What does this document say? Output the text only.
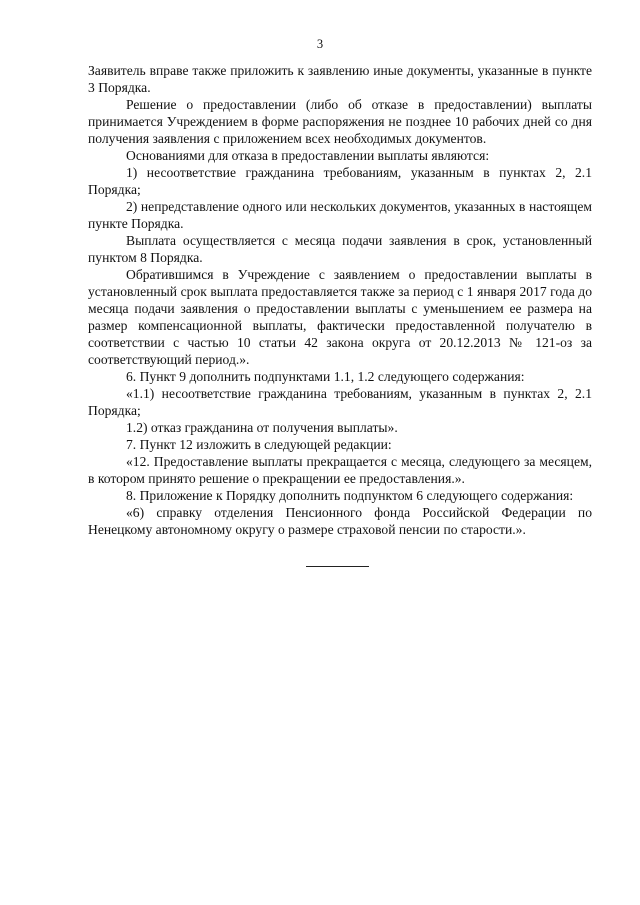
3

Заявитель вправе также приложить к заявлению иные документы, указанные в пункте 3 Порядка.

Решение о предоставлении (либо об отказе в предоставлении) выплаты принимается Учреждением в форме распоряжения не позднее 10 рабочих дней со дня получения заявления с приложением всех необходимых документов.

Основаниями для отказа в предоставлении выплаты являются:

1) несоответствие гражданина требованиям, указанным в пунктах 2, 2.1 Порядка;

2) непредставление одного или нескольких документов, указанных в настоящем пункте Порядка.

Выплата осуществляется с месяца подачи заявления в срок, установленный пунктом 8 Порядка.

Обратившимся в Учреждение с заявлением о предоставлении выплаты в установленный срок выплата предоставляется также за период с 1 января 2017 года до месяца подачи заявления о предоставлении выплаты с уменьшением ее размера на размер компенсационной выплаты, фактически предоставленной получателю в соответствии с частью 10 статьи 42 закона округа от 20.12.2013 № 121-оз за соответствующий период.».

6. Пункт 9 дополнить подпунктами 1.1, 1.2 следующего содержания:

«1.1) несоответствие гражданина требованиям, указанным в пунктах 2, 2.1 Порядка;

1.2) отказ гражданина от получения выплаты».

7. Пункт 12 изложить в следующей редакции:

«12. Предоставление выплаты прекращается с месяца, следующего за месяцем, в котором принято решение о прекращении ее предоставления.».

8. Приложение к Порядку дополнить подпунктом 6 следующего содержания:

«6) справку отделения Пенсионного фонда Российской Федерации по Ненецкому автономному округу о размере страховой пенсии по старости.».
